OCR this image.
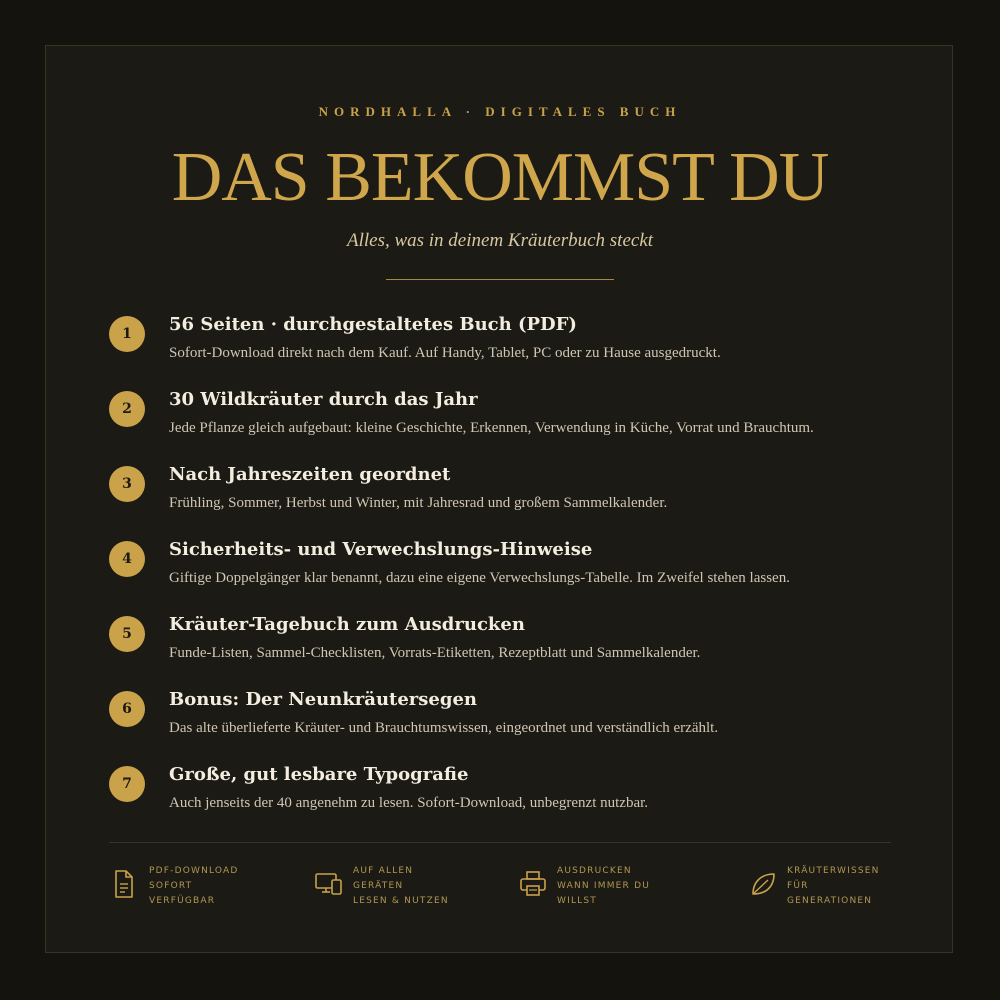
NORDHALLA · DIGITALES BUCH
DAS BEKOMMST DU
Alles, was in deinem Kräuterbuch steckt
1	56 Seiten · durchgestaltetes Buch (PDF)
Sofort-Download direkt nach dem Kauf. Auf Handy, Tablet, PC oder zu Hause ausgedruckt.
2	30 Wildkräuter durch das Jahr
Jede Pflanze gleich aufgebaut: kleine Geschichte, Erkennen, Verwendung in Küche, Vorrat und Brauchtum.
3	Nach Jahreszeiten geordnet
Frühling, Sommer, Herbst und Winter, mit Jahresrad und großem Sammelkalender.
4	Sicherheits- und Verwechslungs-Hinweise
Giftige Doppelgänger klar benannt, dazu eine eigene Verwechslungs-Tabelle. Im Zweifel stehen lassen.
5	Kräuter-Tagebuch zum Ausdrucken
Funde-Listen, Sammel-Checklisten, Vorrats-Etiketten, Rezeptblatt und Sammelkalender.
6	Bonus: Der Neunkräutersegen
Das alte überlieferte Kräuter- und Brauchtumswissen, eingeordnet und verständlich erzählt.
7	Große, gut lesbare Typografie
Auch jenseits der 40 angenehm zu lesen. Sofort-Download, unbegrenzt nutzbar.
PDF-DOWNLOAD
SOFORT
VERFÜGBAR
AUF ALLEN
GERÄTEN
LESEN & NUTZEN
AUSDRUCKEN
WANN IMMER DU
WILLST
KRÄUTERWISSEN
FÜR
GENERATIONEN
